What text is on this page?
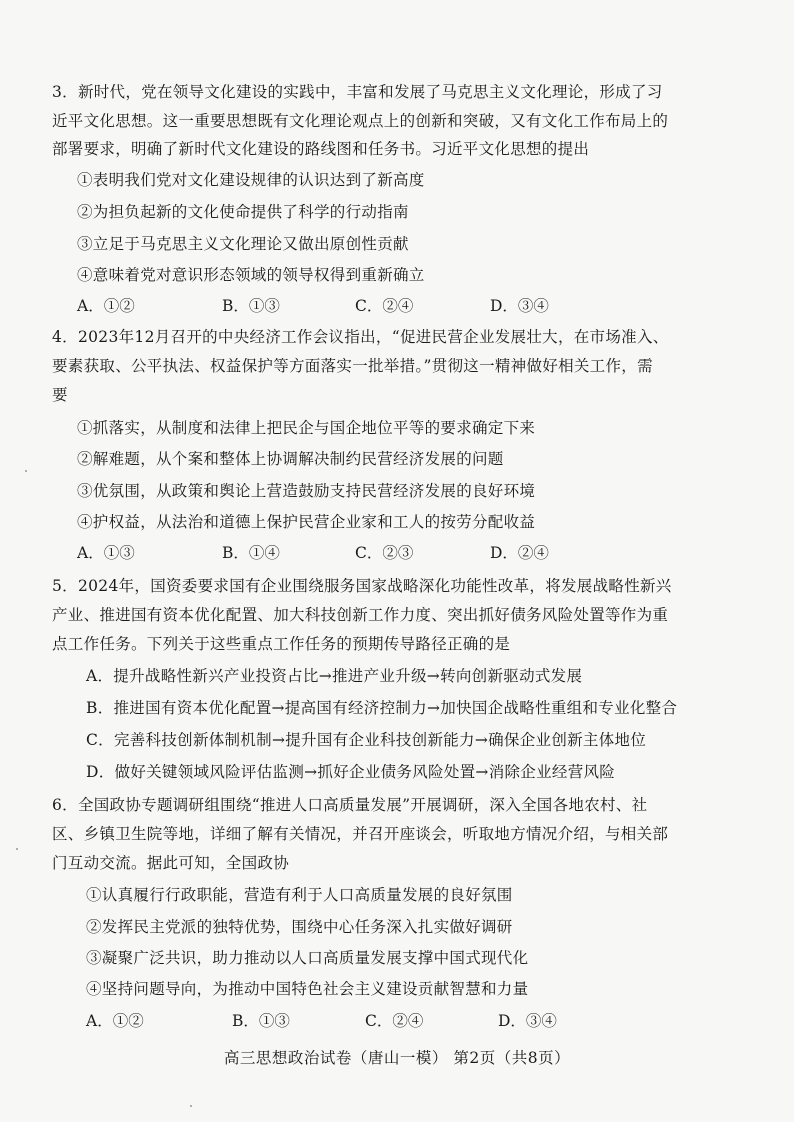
3．新时代，党在领导文化建设的实践中，丰富和发展了马克思主义文化理论，形成了习
近平文化思想。这一重要思想既有文化理论观点上的创新和突破，又有文化工作布局上的
部署要求，明确了新时代文化建设的路线图和任务书。习近平文化思想的提出
①表明我们党对文化建设规律的认识达到了新高度
②为担负起新的文化使命提供了科学的行动指南
③立足于马克思主义文化理论又做出原创性贡献
④意味着党对意识形态领域的领导权得到重新确立
A．①②	B．①③	C．②④	D．③④
4．2023年12月召开的中央经济工作会议指出，“促进民营企业发展壮大，在市场准入、
要素获取、公平执法、权益保护等方面落实一批举措。”贯彻这一精神做好相关工作，需
要
①抓落实，从制度和法律上把民企与国企地位平等的要求确定下来
②解难题，从个案和整体上协调解决制约民营经济发展的问题
③优氛围，从政策和舆论上营造鼓励支持民营经济发展的良好环境
④护权益，从法治和道德上保护民营企业家和工人的按劳分配收益
A．①③	B．①④	C．②③	D．②④
5．2024年，国资委要求国有企业围绕服务国家战略深化功能性改革，将发展战略性新兴
产业、推进国有资本优化配置、加大科技创新工作力度、突出抓好债务风险处置等作为重
点工作任务。下列关于这些重点工作任务的预期传导路径正确的是
A．提升战略性新兴产业投资占比→推进产业升级→转向创新驱动式发展
B．推进国有资本优化配置→提高国有经济控制力→加快国企战略性重组和专业化整合
C．完善科技创新体制机制→提升国有企业科技创新能力→确保企业创新主体地位
D．做好关键领域风险评估监测→抓好企业债务风险处置→消除企业经营风险
6．全国政协专题调研组围绕“推进人口高质量发展”开展调研，深入全国各地农村、社
区、乡镇卫生院等地，详细了解有关情况，并召开座谈会，听取地方情况介绍，与相关部
门互动交流。据此可知，全国政协
①认真履行行政职能，营造有利于人口高质量发展的良好氛围
②发挥民主党派的独特优势，围绕中心任务深入扎实做好调研
③凝聚广泛共识，助力推动以人口高质量发展支撑中国式现代化
④坚持问题导向，为推动中国特色社会主义建设贡献智慧和力量
A．①②	B．①③	C．②④	D．③④
高三思想政治试卷（唐山一模） 第2页（共8页）
